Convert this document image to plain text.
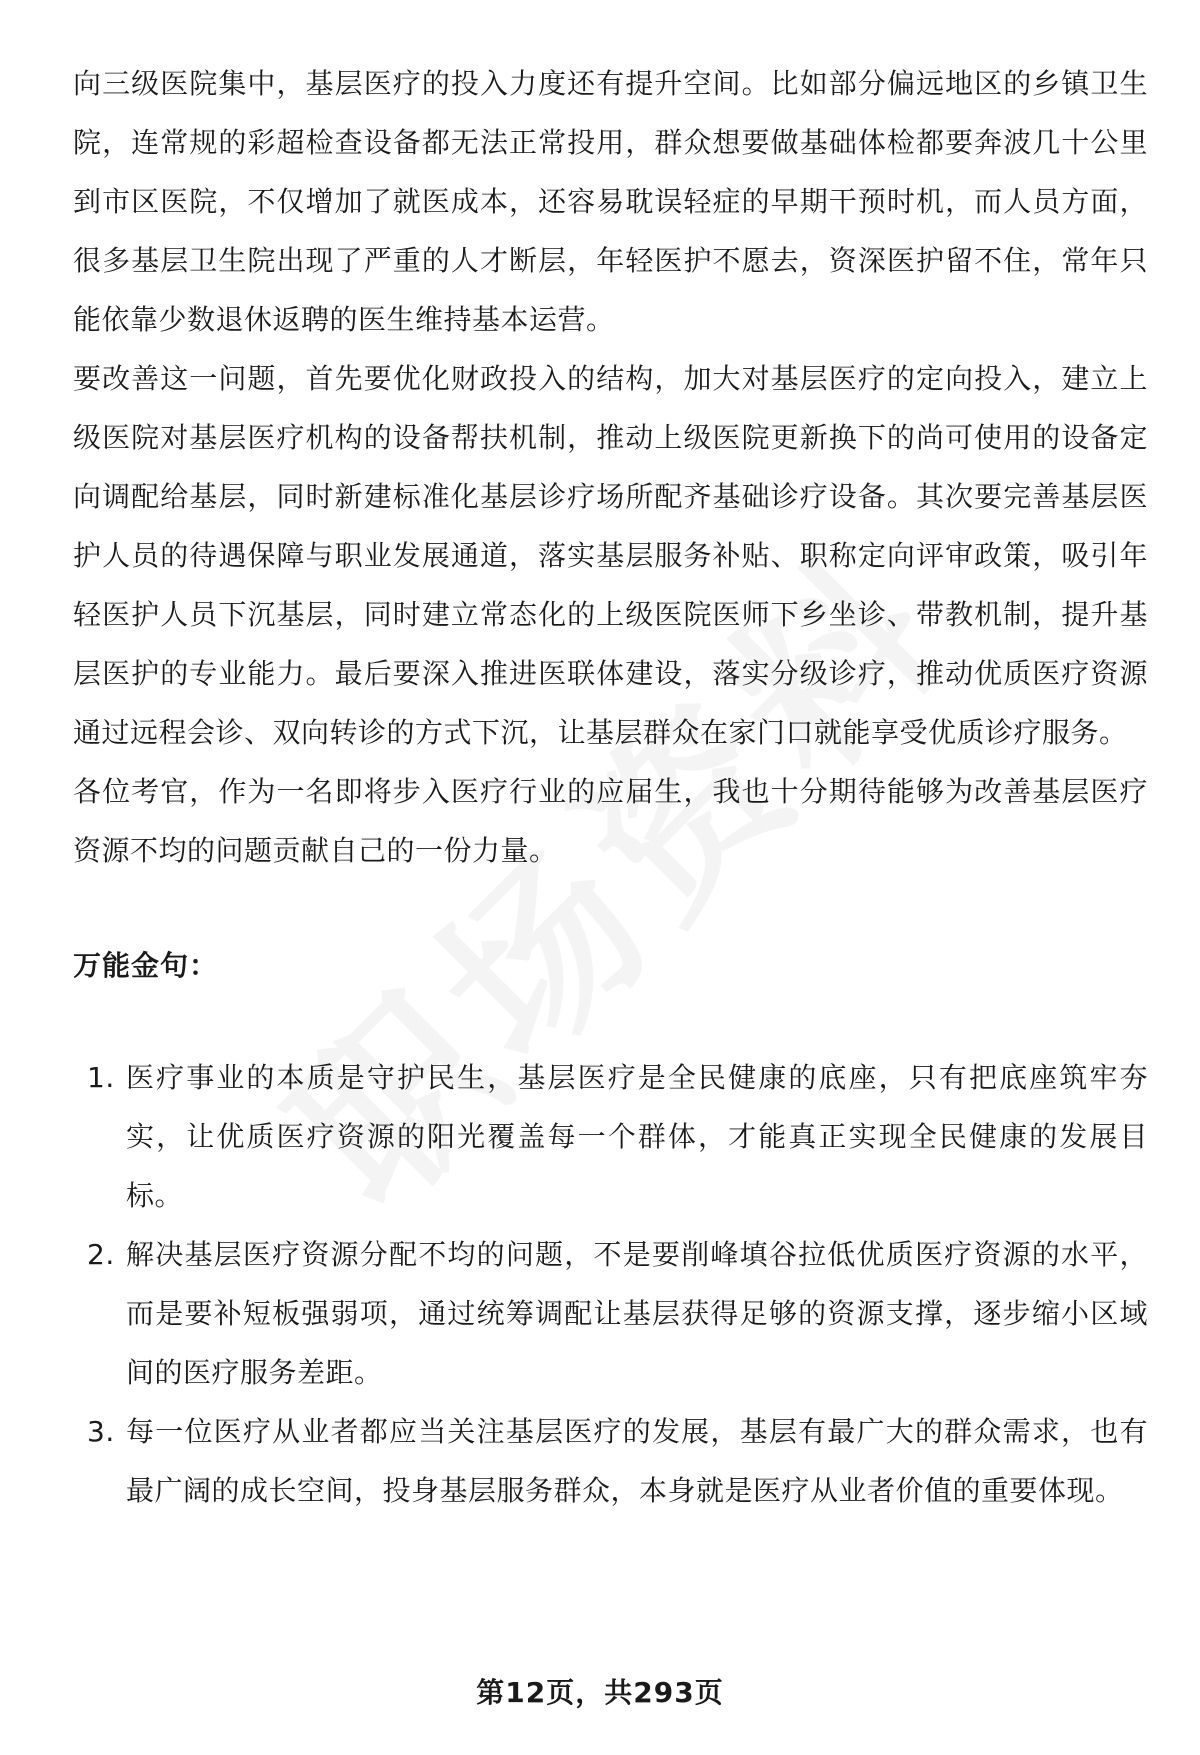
向三级医院集中，基层医疗的投入力度还有提升空间。比如部分偏远地区的乡镇卫生院，连常规的彩超检查设备都无法正常投用，群众想要做基础体检都要奔波几十公里到市区医院，不仅增加了就医成本，还容易耽误轻症的早期干预时机，而人员方面，很多基层卫生院出现了严重的人才断层，年轻医护不愿去，资深医护留不住，常年只能依靠少数退休返聘的医生维持基本运营。

要改善这一问题，首先要优化财政投入的结构，加大对基层医疗的定向投入，建立上级医院对基层医疗机构的设备帮扶机制，推动上级医院更新换下的尚可使用的设备定向调配给基层，同时新建标准化基层诊疗场所配齐基础诊疗设备。其次要完善基层医护人员的待遇保障与职业发展通道，落实基层服务补贴、职称定向评审政策，吸引年轻医护人员下沉基层，同时建立常态化的上级医院医师下乡坐诊、带教机制，提升基层医护的专业能力。最后要深入推进医联体建设，落实分级诊疗，推动优质医疗资源通过远程会诊、双向转诊的方式下沉，让基层群众在家门口就能享受优质诊疗服务。

各位考官，作为一名即将步入医疗行业的应届生，我也十分期待能够为改善基层医疗资源不均的问题贡献自己的一份力量。

万能金句：
1. 医疗事业的本质是守护民生，基层医疗是全民健康的底座，只有把底座筑牢夯实，让优质医疗资源的阳光覆盖每一个群体，才能真正实现全民健康的发展目标。
2. 解决基层医疗资源分配不均的问题，不是要削峰填谷拉低优质医疗资源的水平，而是要补短板强弱项，通过统筹调配让基层获得足够的资源支撑，逐步缩小区域间的医疗服务差距。
3. 每一位医疗从业者都应当关注基层医疗的发展，基层有最广大的群众需求，也有最广阔的成长空间，投身基层服务群众，本身就是医疗从业者价值的重要体现。
第12页，共293页
